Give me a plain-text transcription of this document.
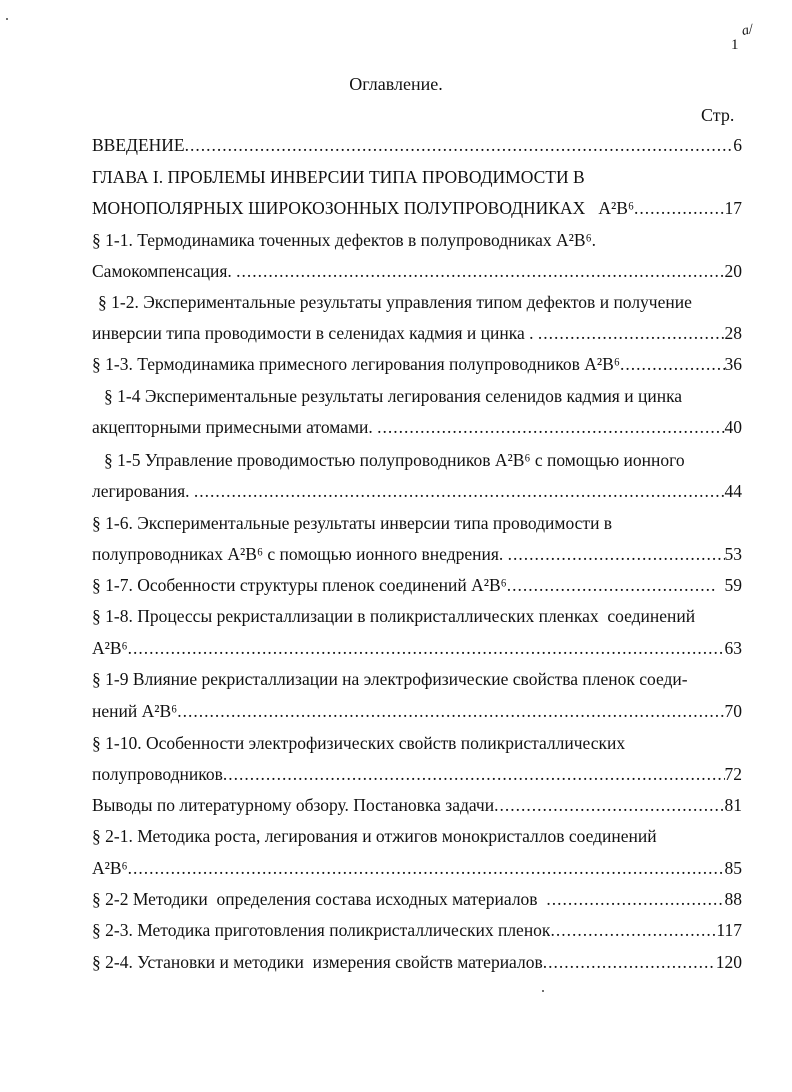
1
а/
Оглавление.
Стр.
ВВЕДЕНИЕ .....	6
ГЛАВА I. ПРОБЛЕМЫ ИНВЕРСИИ ТИПА ПРОВОДИМОСТИ В
МОНОПОЛЯРНЫХ ШИРОКОЗОННЫХ ПОЛУПРОВОДНИКАХ   A²B⁶ .....	17
§ 1-1. Термодинамика точенных дефектов в полупроводниках A²B⁶.
Самокомпенсация. .....	20
§ 1-2. Экспериментальные результаты управления типом дефектов и получение
инверсии типа проводимости в селенидах кадмия и цинка . .....	28
§ 1-3. Термодинамика примесного легирования полупроводников A²B⁶ .....	36
§ 1-4 Экспериментальные результаты легирования селенидов кадмия и цинка
акцепторными примесными атомами. .....	40
§ 1-5 Управление проводимостью полупроводников A²B⁶ с помощью ионного
легирования. .....	44
§ 1-6. Экспериментальные результаты инверсии типа проводимости в
полупроводниках A²B⁶ с помощью ионного внедрения. .....	53
§ 1-7. Особенности структуры пленок соединений A²B⁶ .....	59
§ 1-8. Процессы рекристаллизации в поликристаллических пленках  соединений
A²B⁶ .....	63
§ 1-9 Влияние рекристаллизации на электрофизические свойства пленок соеди-
нений A²B⁶ .....	70
§ 1-10. Особенности электрофизических свойств поликристаллических
полупроводников .....	72
Выводы по литературному обзору. Постановка задачи .....	81
§ 2-1. Методика роста, легирования и отжигов монокристаллов соединений
A²B⁶ .....	85
§ 2-2 Методики  определения состава исходных материалов .....	88
§ 2-3. Методика приготовления поликристаллических пленок .....	117
§ 2-4. Установки и методики  измерения свойств материалов .....	120
